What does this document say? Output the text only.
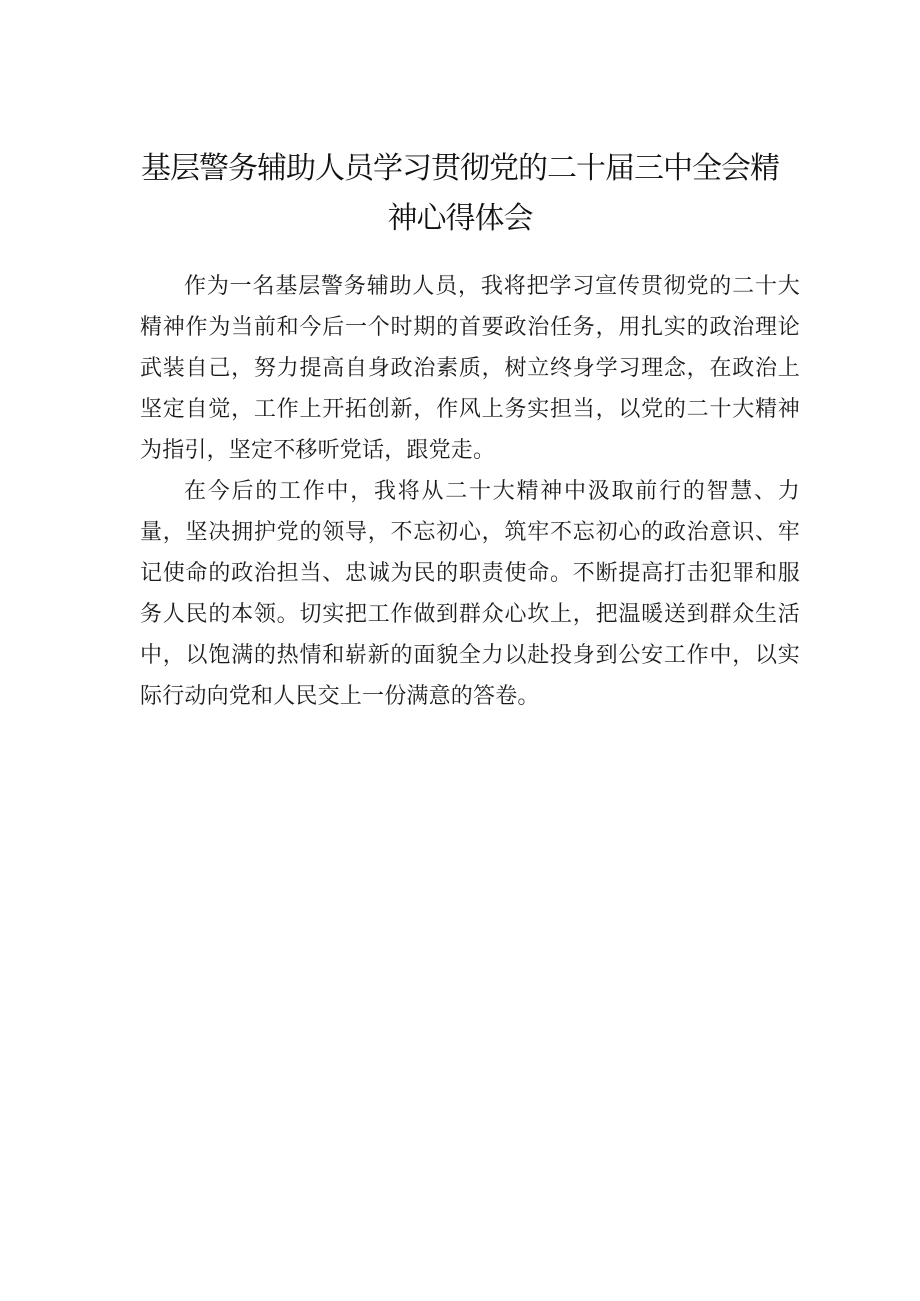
基层警务辅助人员学习贯彻党的二十届三中全会精神心得体会

作为一名基层警务辅助人员，我将把学习宣传贯彻党的二十大精神作为当前和今后一个时期的首要政治任务，用扎实的政治理论武装自己，努力提高自身政治素质，树立终身学习理念，在政治上坚定自觉，工作上开拓创新，作风上务实担当，以党的二十大精神为指引，坚定不移听党话，跟党走。

在今后的工作中，我将从二十大精神中汲取前行的智慧、力量，坚决拥护党的领导，不忘初心，筑牢不忘初心的政治意识、牢记使命的政治担当、忠诚为民的职责使命。不断提高打击犯罪和服务人民的本领。切实把工作做到群众心坎上，把温暖送到群众生活中，以饱满的热情和崭新的面貌全力以赴投身到公安工作中，以实际行动向党和人民交上一份满意的答卷。
